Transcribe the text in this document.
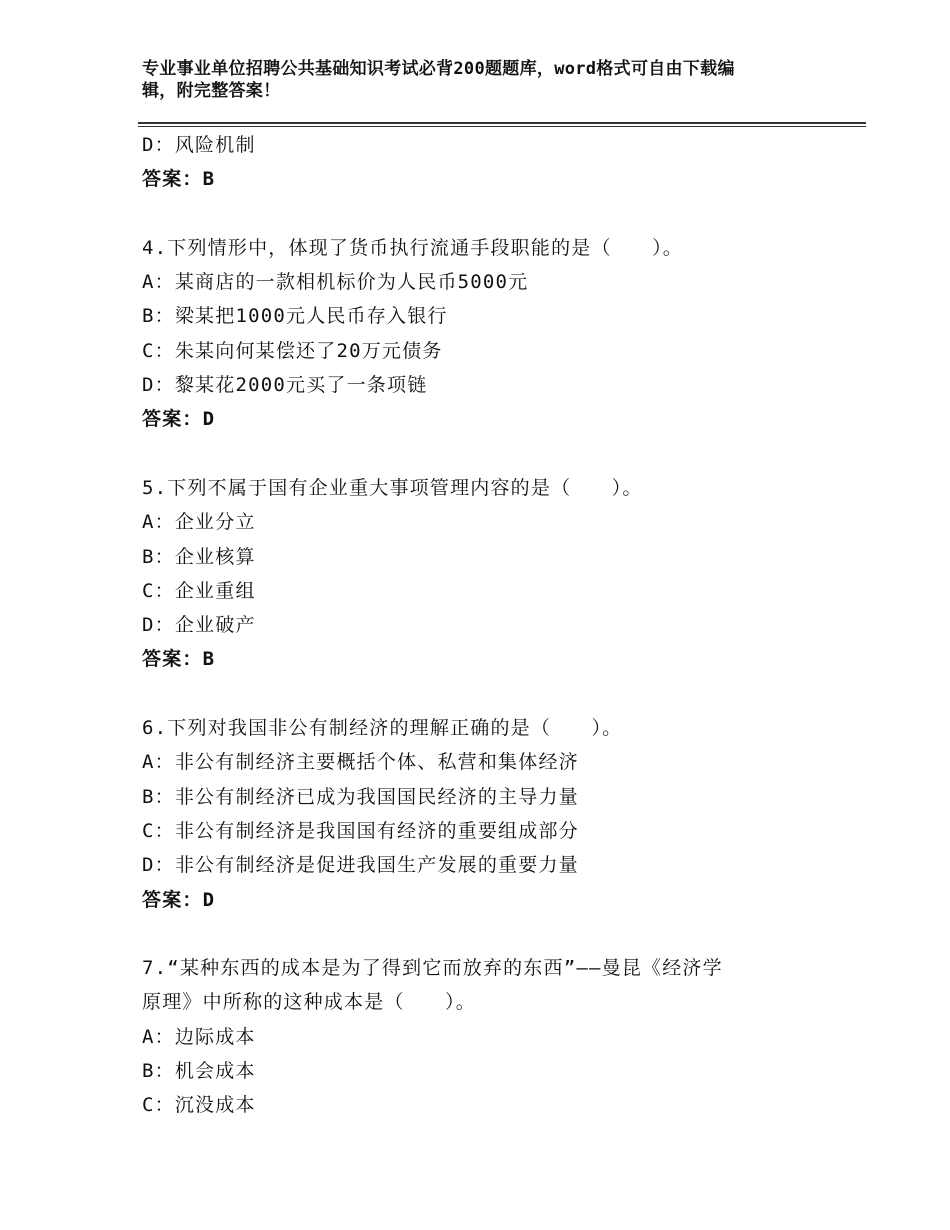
专业事业单位招聘公共基础知识考试必背200题题库，word格式可自由下载编
辑，附完整答案！
D：风险机制
答案：B
4.下列情形中，体现了货币执行流通手段职能的是（　　）。
A：某商店的一款相机标价为人民币5000元
B：梁某把1000元人民币存入银行
C：朱某向何某偿还了20万元债务
D：黎某花2000元买了一条项链
答案：D
5.下列不属于国有企业重大事项管理内容的是（　　）。
A：企业分立
B：企业核算
C：企业重组
D：企业破产
答案：B
6.下列对我国非公有制经济的理解正确的是（　　）。
A：非公有制经济主要概括个体、私营和集体经济
B：非公有制经济已成为我国国民经济的主导力量
C：非公有制经济是我国国有经济的重要组成部分
D：非公有制经济是促进我国生产发展的重要力量
答案：D
7.“某种东西的成本是为了得到它而放弃的东西”——曼昆《经济学
原理》中所称的这种成本是（　　）。
A：边际成本
B：机会成本
C：沉没成本
